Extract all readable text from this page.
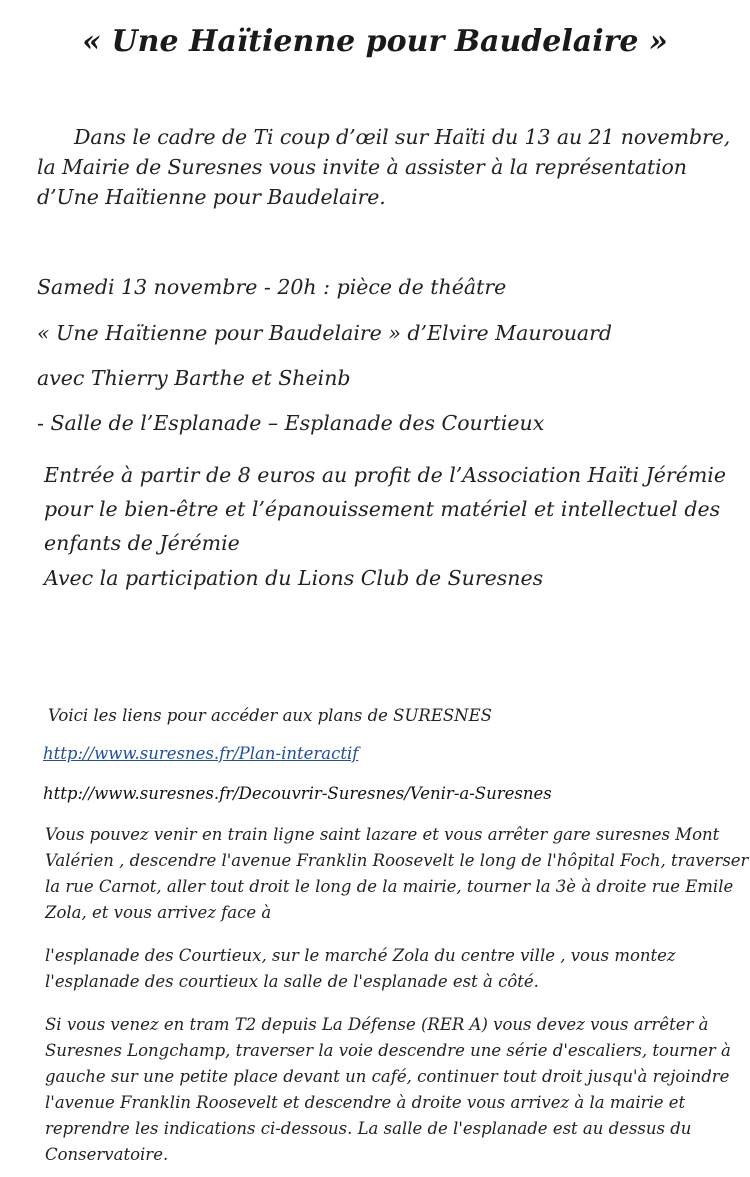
« Une Haïtienne pour Baudelaire »

Dans le cadre de Ti coup d’œil sur Haïti du 13 au 21 novembre, la Mairie de Suresnes vous invite à assister à la représentation d’Une Haïtienne pour Baudelaire.

Samedi 13 novembre - 20h : pièce de théâtre

« Une Haïtienne pour Baudelaire » d’Elvire Maurouard

avec Thierry Barthe et Sheinb

- Salle de l’Esplanade – Esplanade des Courtieux

Entrée à partir de 8 euros au profit de l’Association Haïti Jérémie pour le bien-être et l’épanouissement matériel et intellectuel des enfants de Jérémie

Avec la participation du Lions Club de Suresnes

Voici les liens pour accéder aux plans de SURESNES

http://www.suresnes.fr/Plan-interactif

http://www.suresnes.fr/Decouvrir-Suresnes/Venir-a-Suresnes

Vous pouvez venir en train ligne saint lazare et vous arrêter gare suresnes Mont Valérien , descendre l'avenue Franklin Roosevelt le long de l'hôpital Foch, traverser la rue Carnot, aller tout droit le long de la mairie, tourner la 3è à droite rue Emile Zola, et vous arrivez face à

l'esplanade des Courtieux, sur le marché Zola du centre ville , vous montez l'esplanade des courtieux la salle de l'esplanade est à côté.

Si vous venez en tram T2 depuis La Défense (RER A) vous devez vous arrêter à Suresnes Longchamp, traverser la voie descendre une série d'escaliers, tourner à gauche sur une petite place devant un café, continuer tout droit jusqu'à rejoindre l'avenue Franklin Roosevelt et descendre à droite vous arrivez à la mairie et reprendre les indications ci-dessous. La salle de l'esplanade est au dessus du Conservatoire.
